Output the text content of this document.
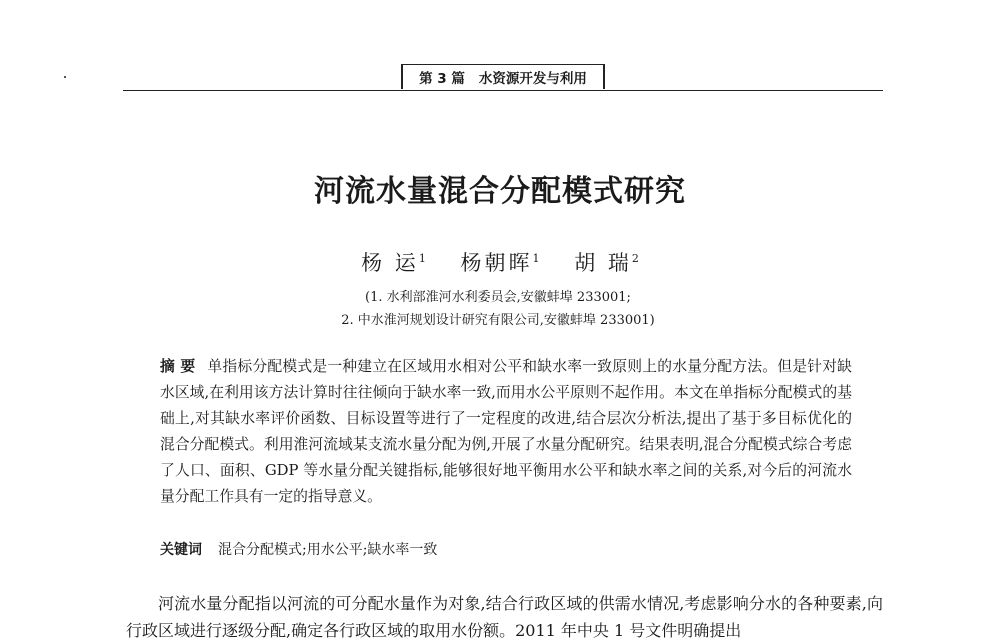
第 3 篇 水资源开发与利用
河流水量混合分配模式研究
杨 运$^1$ 杨朝晖$^1$ 胡 瑞$^2$
(1. 水利部淮河水利委员会,安徽蚌埠 233001;
2. 中水淮河规划设计研究有限公司,安徽蚌埠 233001)
摘 要 单指标分配模式是一种建立在区域用水相对公平和缺水率一致原则上的水量分配方法。但是针对缺水区域,在利用该方法计算时往往倾向于缺水率一致,而用水公平原则不起作用。本文在单指标分配模式的基础上,对其缺水率评价函数、目标设置等进行了一定程度的改进,结合层次分析法,提出了基于多目标优化的混合分配模式。利用淮河流域某支流水量分配为例,开展了水量分配研究。结果表明,混合分配模式综合考虑了人口、面积、GDP 等水量分配关键指标,能够很好地平衡用水公平和缺水率之间的关系,对今后的河流水量分配工作具有一定的指导意义。
关键词 混合分配模式;用水公平;缺水率一致
河流水量分配指以河流的可分配水量作为对象,结合行政区域的供需水情况,考虑影响分水的各种要素,向行政区域进行逐级分配,确定各行政区域的取用水份额。2011 年中央 1 号文件明确提出
